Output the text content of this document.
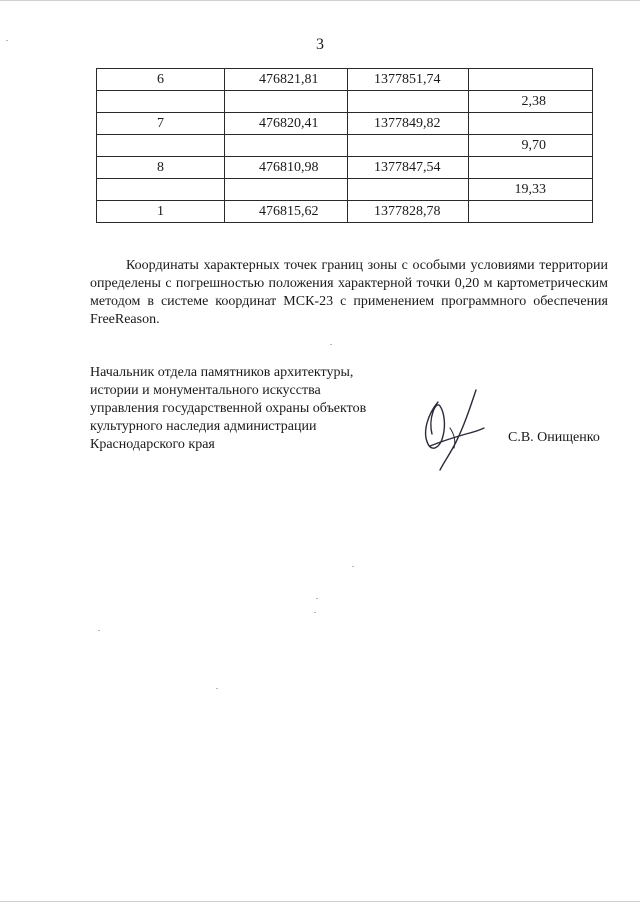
3
6	476821,81	1377851,74	
			2,38
7	476820,41	1377849,82	
			9,70
8	476810,98	1377847,54	
			19,33
1	476815,62	1377828,78	

Координаты характерных точек границ зоны с особыми условиями территории определены с погрешностью положения характерной точки 0,20 м картометрическим методом в системе координат МСК-23 с применением программного обеспечения FreeReason.

Начальник отдела памятников архитектуры,
истории и монументального искусства
управления государственной охраны объектов
культурного наследия администрации
Краснодарского края	С.В. Онищенко
